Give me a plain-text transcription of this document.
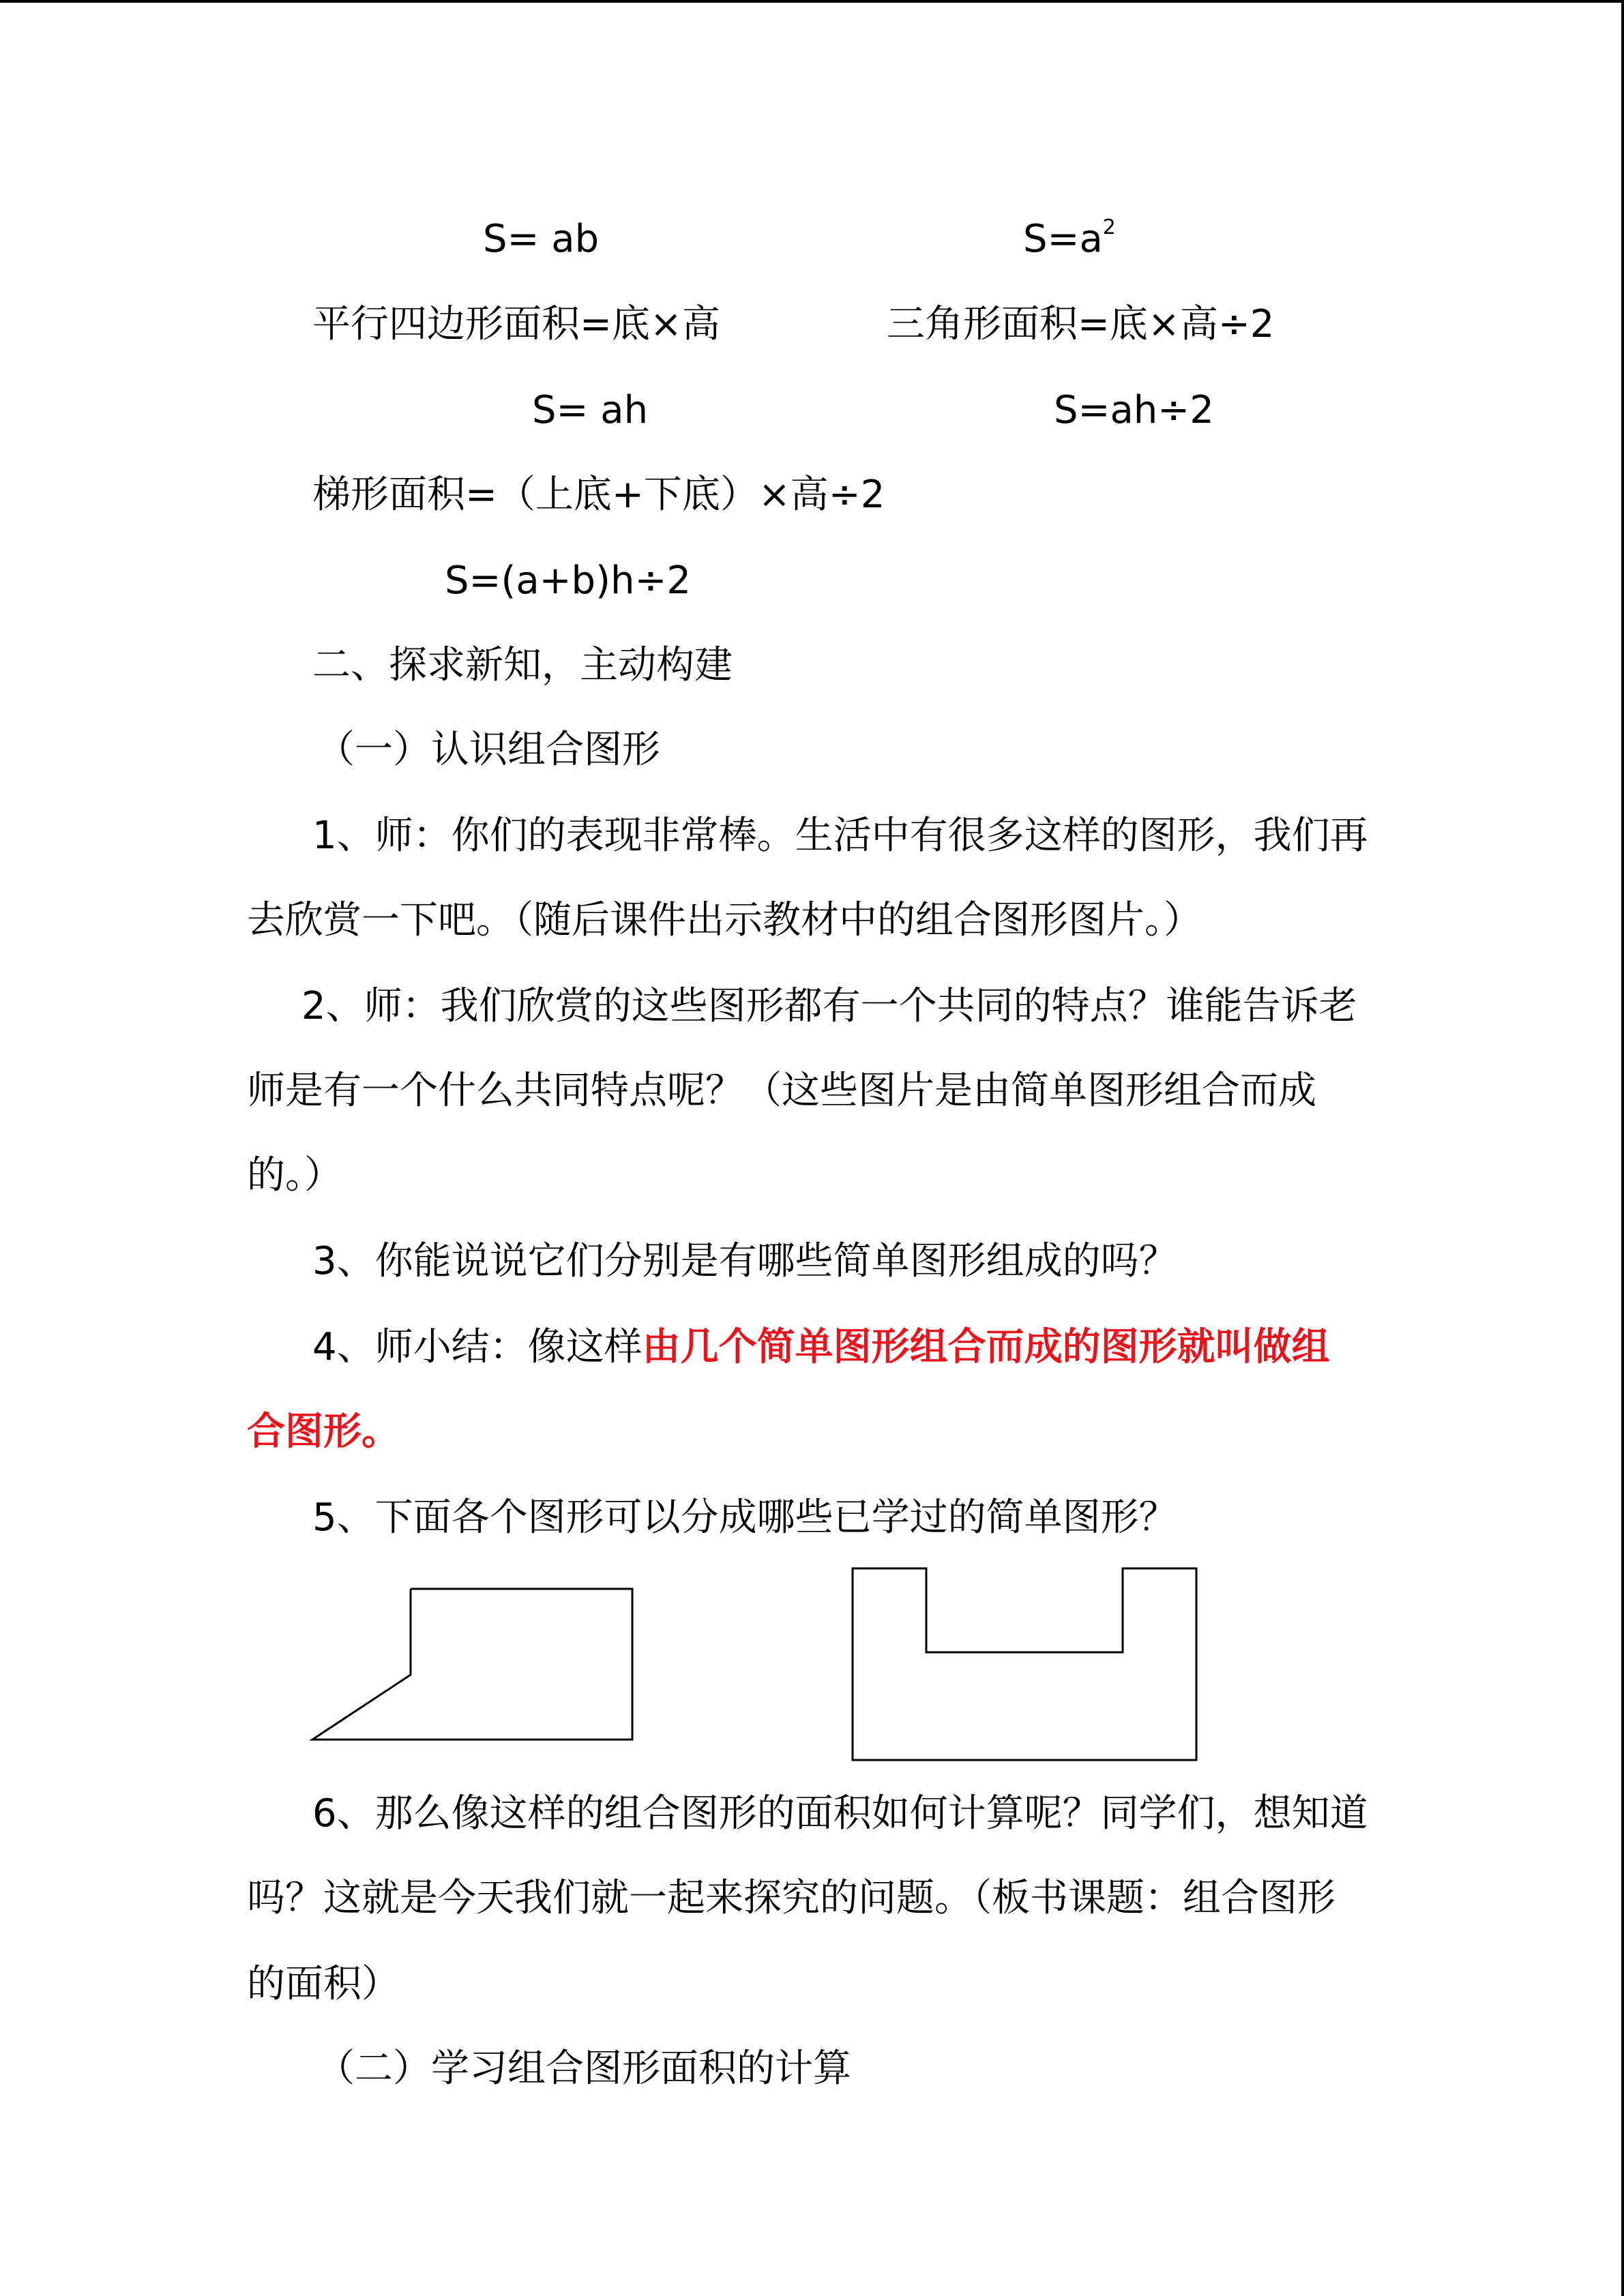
S= ab	$S=a^2$
平行四边形面积=底×高	三角形面积=底×高÷2
S= ah	S=ah÷2
梯形面积=（上底+下底）×高÷2
S=(a+b)h÷2
二、探求新知，主动构建
（一）认识组合图形
1、师：你们的表现非常棒。生活中有很多这样的图形，我们再
去欣赏一下吧。（随后课件出示教材中的组合图形图片。）
2、师：我们欣赏的这些图形都有一个共同的特点？谁能告诉老
师是有一个什么共同特点呢？（这些图片是由简单图形组合而成
的。）
3、你能说说它们分别是有哪些简单图形组成的吗？
4、师小结：像这样由几个简单图形组合而成的图形就叫做组
合图形。
5、下面各个图形可以分成哪些已学过的简单图形？
6、那么像这样的组合图形的面积如何计算呢？同学们，想知道
吗？这就是今天我们就一起来探究的问题。（板书课题：组合图形
的面积）
（二）学习组合图形面积的计算
